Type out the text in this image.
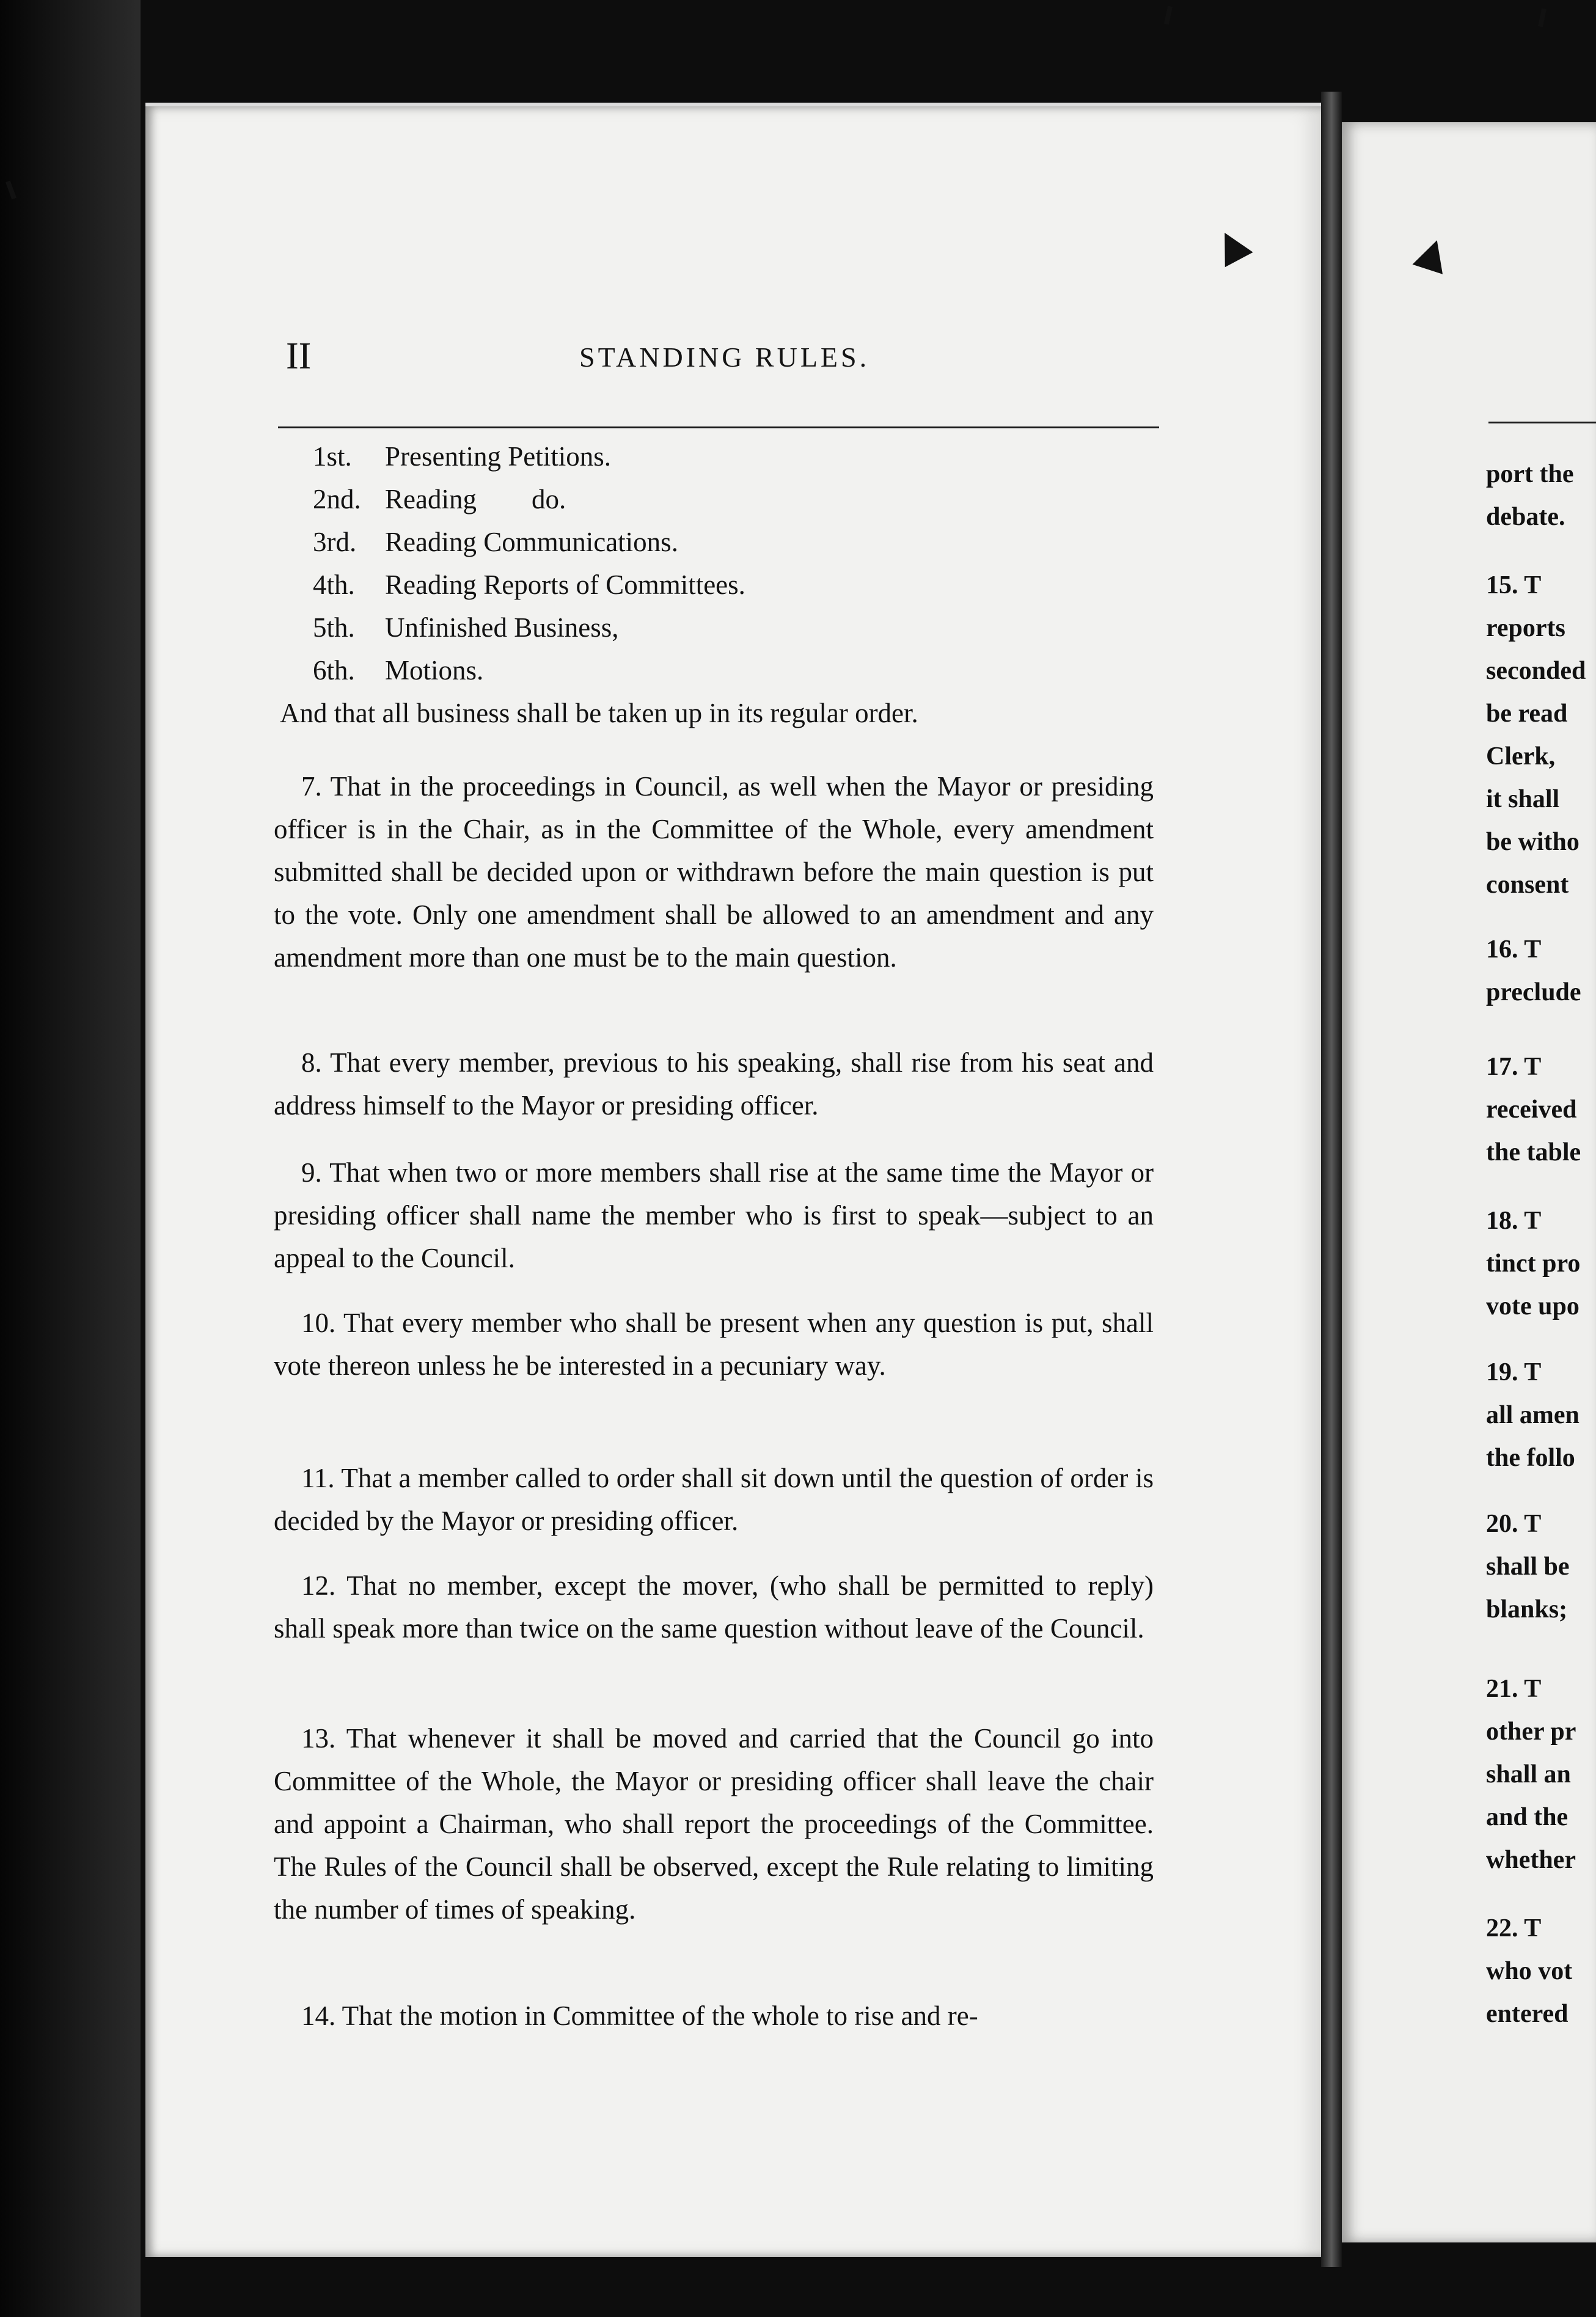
II	STANDING RULES.
1st. Presenting Petitions.
2nd. Reading        do.
3rd. Reading Communications.
4th. Reading Reports of Committees.
5th. Unfinished Business,
6th. Motions.
And that all business shall be taken up in its regular order.

7. That in the proceedings in Council, as well when the Mayor or presiding officer is in the Chair, as in the Committee of the Whole, every amendment submitted shall be decided upon or withdrawn before the main question is put to the vote. Only one amendment shall be allowed to an amendment and any amendment more than one must be to the main question.

8. That every member, previous to his speaking, shall rise from his seat and address himself to the Mayor or presiding officer.

9. That when two or more members shall rise at the same time the Mayor or presiding officer shall name the member who is first to speak—subject to an appeal to the Council.

10. That every member who shall be present when any question is put, shall vote thereon unless he be interested in a pecuniary way.

11. That a member called to order shall sit down until the question of order is decided by the Mayor or presiding officer.

12. That no member, except the mover, (who shall be permitted to reply) shall speak more than twice on the same question without leave of the Council.

13. That whenever it shall be moved and carried that the Council go into Committee of the Whole, the Mayor or presiding officer shall leave the chair and appoint a Chairman, who shall report the proceedings of the Committee. The Rules of the Council shall be observed, except the Rule relating to limiting the number of times of speaking.

14. That the motion in Committee of the whole to rise and re-

port the
debate.
15. T
reports
seconded
be read
Clerk,
it shall
be witho
consent
16. T
preclude
17. T
received
the table
18. T
tinct pro
vote upo
19. T
all amen
the follo
20. T
shall be
blanks;
21. T
other pr
shall an
and the
whether
22. T
who vot
entered
